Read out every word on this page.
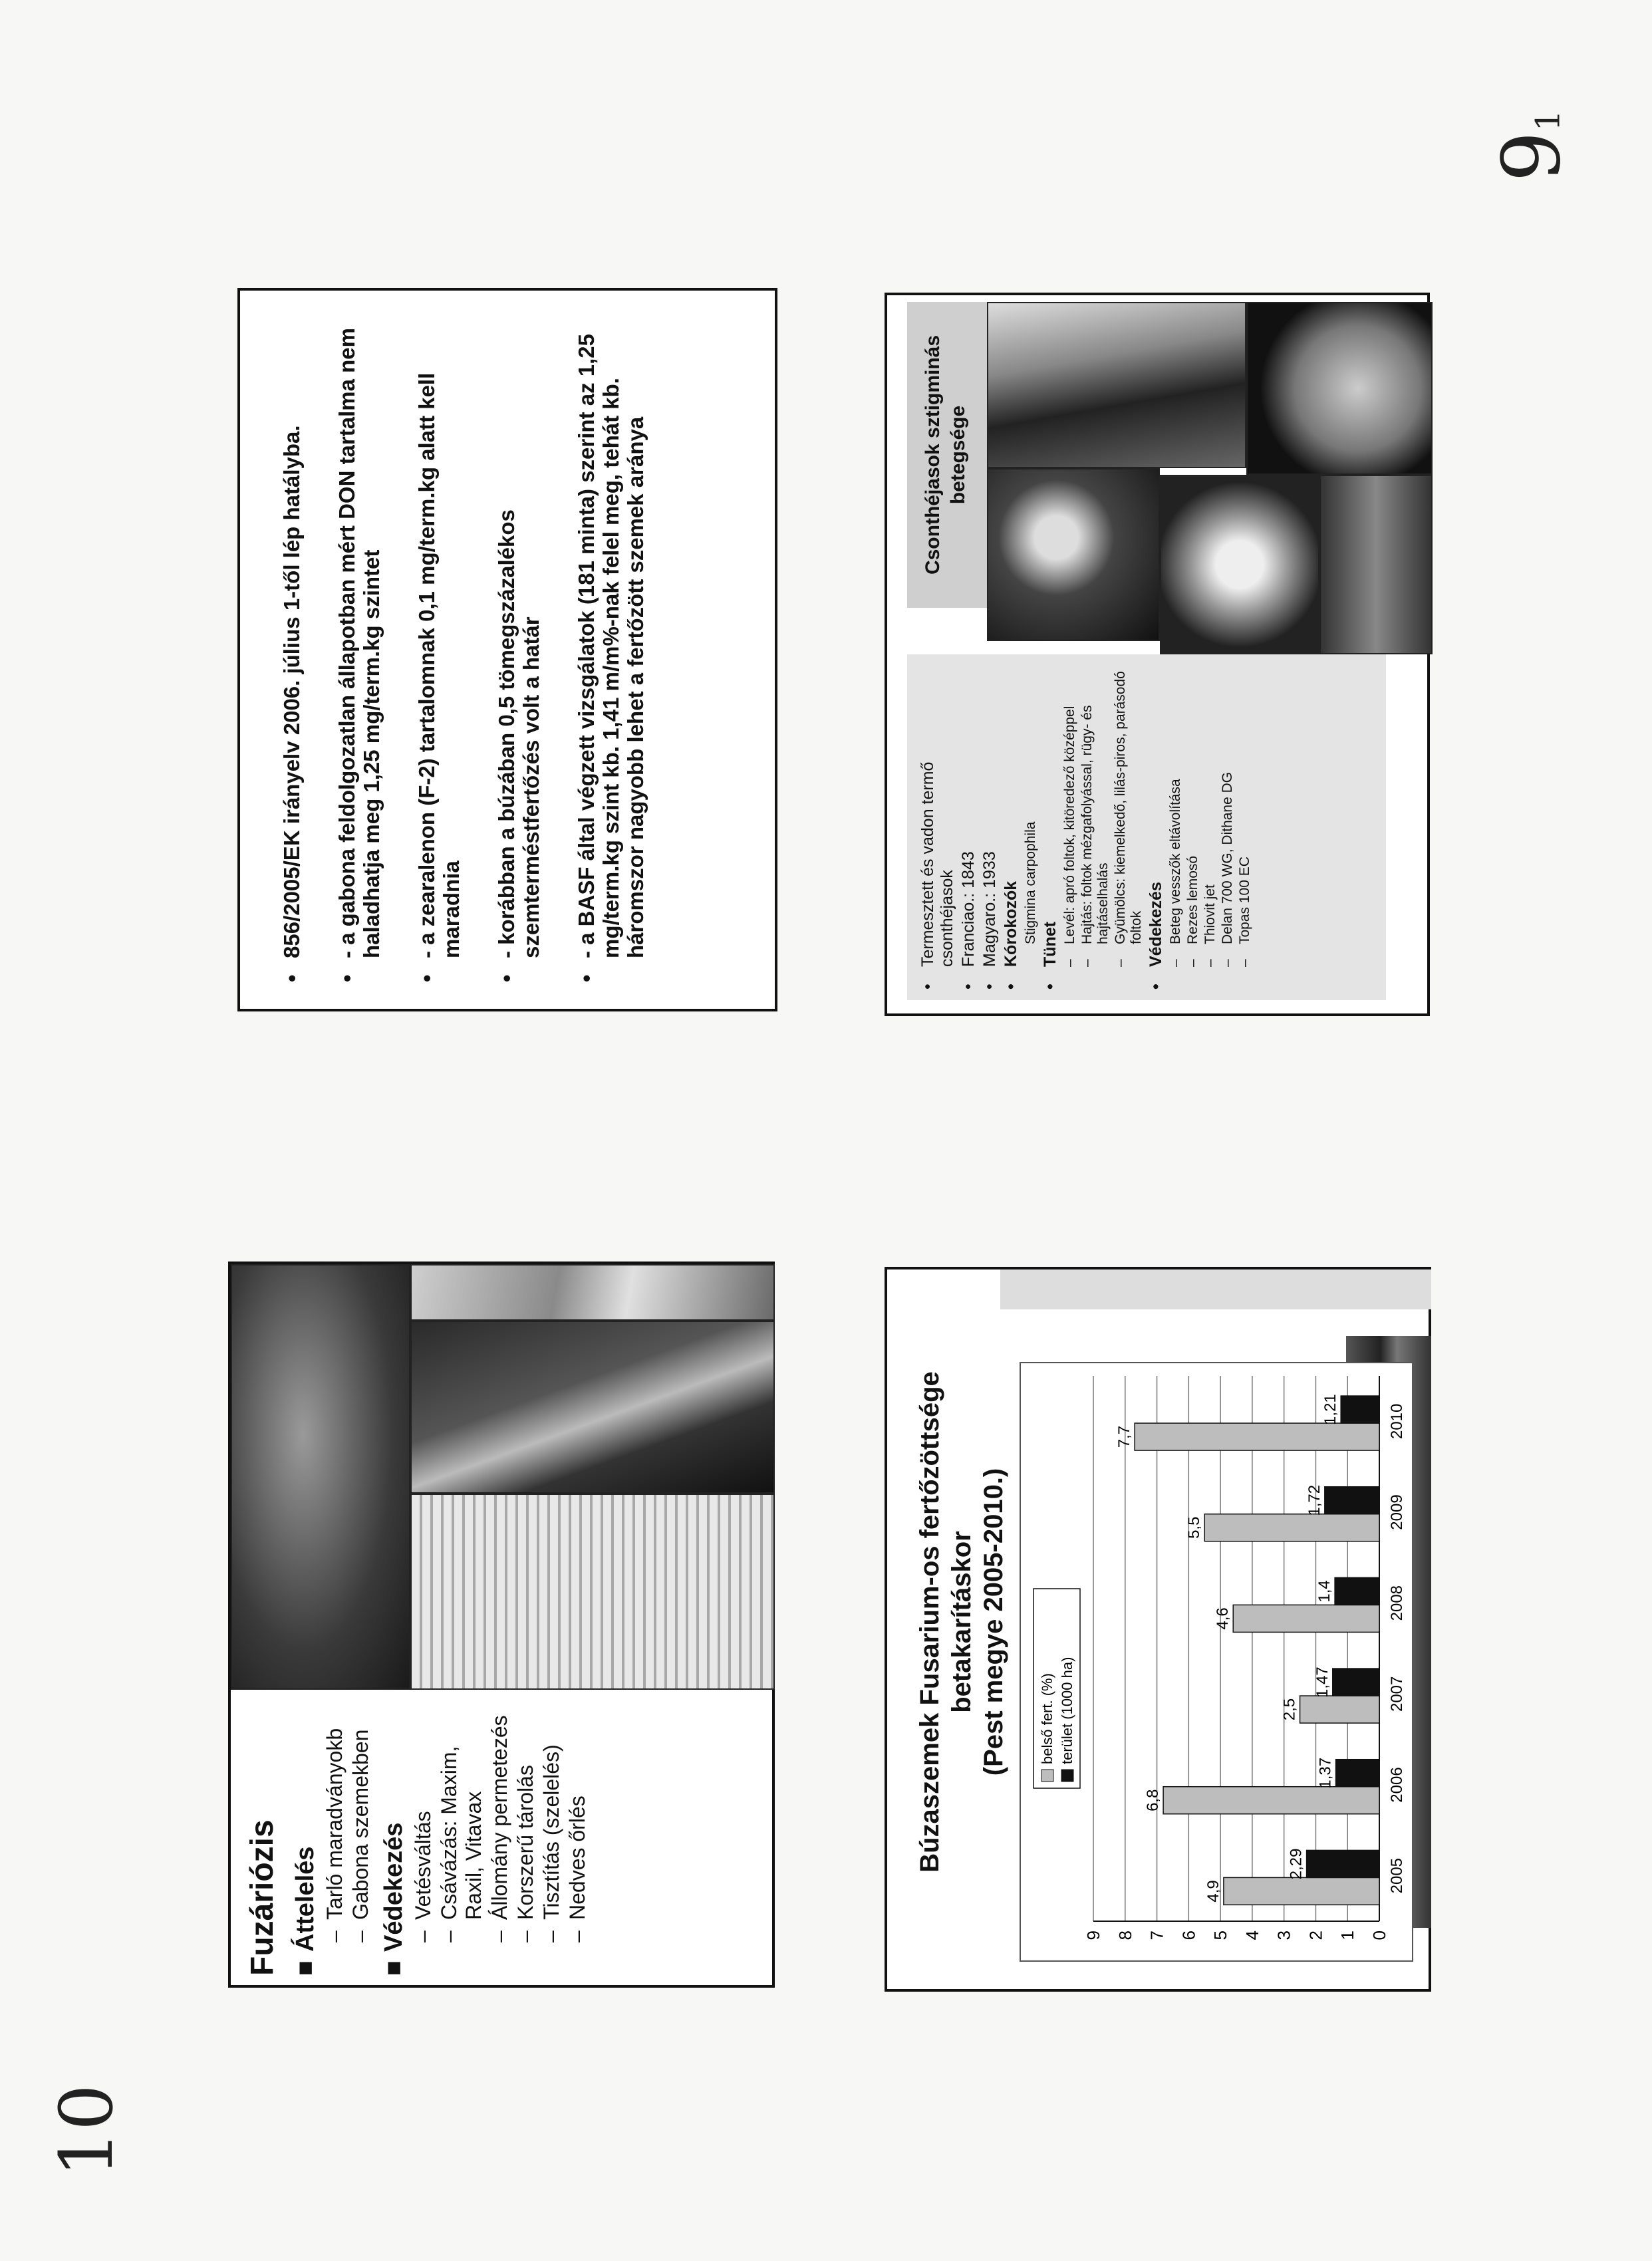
91
10
Fuzáriózis ■
Áttelelés –
Tarló maradványokb
–
Gabona szemekben
■
Védekezés –
Vetésváltás
–
Csávázás: Maxim, Raxil, Vitavax
–
Állomány permetezés
–
Korszerű tárolás
–
Tisztítás (szelelés)
–
Nedves őrlés
•
856/2005/EK irányelv 2006. július 1-től lép hatályba.
•
- a gabona feldolgozatlan állapotban mért DON tartalma nem haladhatja meg 1,25 mg/term.kg szintet
•
- a zearalenon (F-2) tartalomnak 0,1 mg/term.kg alatt kell maradnia
•
- korábban a búzában 0,5 tömegszázalékos szemterméstfertőzés volt a határ
•
- a BASF által végzett vizsgálatok (181 minta) szerint az 1,25 mg/term.kg szint kb. 1,41 m/m%-nak felel meg, tehát kb. háromszor nagyobb lehet a fertőzött szemek aránya
Búzaszemek Fusarium-os fertőzöttsége betakarításkor (Pest megye 2005-2010.)
0
1
2
3
4
5
6
7
8
9
2005
4,9
2,29
2006
6,8
1,37
2007
2,5
1,47
2008
4,6
1,4
2009
5,5
1,72
2010
7,7
1,21
belső fert. (%) terület (1000 ha)
Csonthéjasok sztigminás betegsége
•
Termesztett és vadon termő csonthéjasok
•
Franciao.: 1843
•
Magyaro.: 1933
•
Kórokozók Stigmina carpophila
•
Tünet –
Levél: apró foltok, kitöredező középpel
–
Hajtás: foltok mézgafolyással, rügy- és hajtáselhalás
–
Gyümölcs: kiemelkedő, lilás-piros, parásodó foltok
•
Védekezés –
Beteg vesszők eltávolítása
–
Rezes lemosó
–
Thiovit jet
–
Delan 700 WG, Dithane DG
–
Topas 100 EC
